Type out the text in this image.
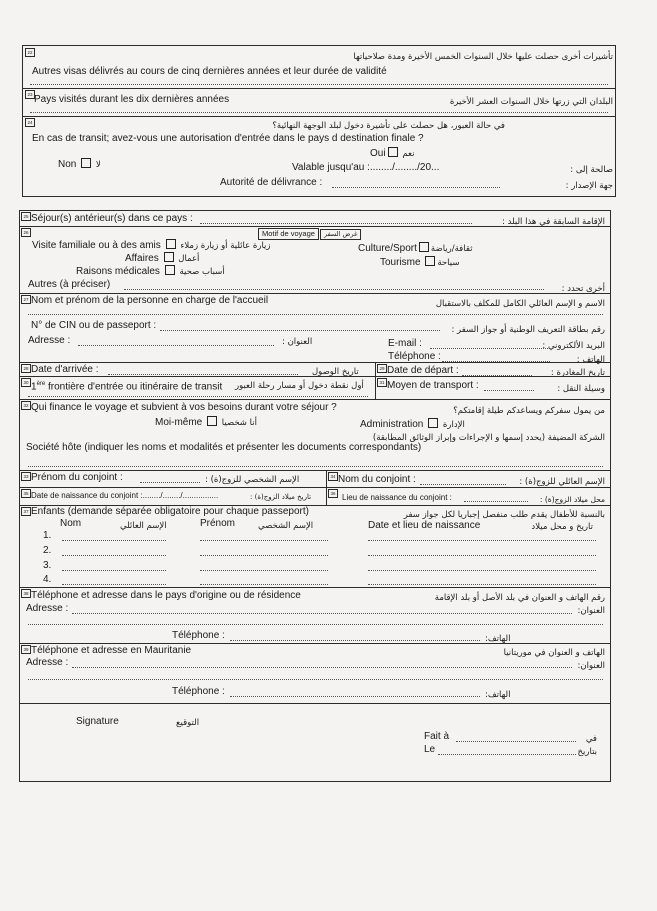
22	تأشيرات أخرى حصلت عليها خلال السنوات الخمس الأخيرة ومدة صلاحياتها
Autres visas délivrés au cours de cinq dernières années et leur durée de validité
23 Pays visités durant les dix dernières années	البلدان التي زرتها خلال السنوات العشر الأخيرة
24	في حالة العبور، هل حصلت على تأشيرة دخول لبلد الوجهة النهائية؟
En cas de transit; avez-vous une autorisation d'entrée dans le pays d destination finale ?
Oui نعم
Non لا	Valable jusqu'au :......../......../20...	صالحة إلى :
Autorité de délivrance :	جهة الإصدار :
25 Séjour(s) antérieur(s) dans ce pays :	الإقامة السابقة في هذا البلد :
26	Motif de voyage	غرض السفر
Visite familiale ou à des amis زيارة عائلية أو زيارة زملاء	Culture/Sport ثقافة/رياضة
Affaires أعمال	Tourisme سياحة
Raisons médicales أسباب صحية
Autres (à préciser)	أخرى تحدد :
27 Nom et prénom de la personne en charge de l'accueil	الاسم و الإسم العائلي الكامل للمكلف بالاستقبال
N° de CIN ou de passeport :	رقم بطاقة التعريف الوطنية أو جواز السفر :
Adresse :	العنوان :	E-mail :	البريد الألكتروني :
Téléphone :	الهاتف :
28 Date d'arrivée :	تاريخ الوصول	29 Date de départ :	تاريخ المغادرة :
30 1ère frontière d'entrée ou itinéraire de transit أول نقطة دخول أو مسار رحلة العبور	31 Moyen de transport :	وسيلة النقل :
32 Qui finance le voyage et subvient à vos besoins durant votre séjour ?	من يمول سفركم ويساعدكم طيلة إقامتكم؟
Moi-même أنا شخصيا	Administration الإدارة
الشركة المضيفة (يحدد إسمها و الإجراءات وإبراز الوثائق المطابقة)
Société hôte (indiquer les noms et modalités et présenter les documents correspondants)
33 Prénom du conjoint :	الإسم الشخصي للزوج(ة) :	34 Nom du conjoint :	الإسم العائلي للزوج(ة) :
35 Date de naissance du conjoint :......../......../................	تاريخ ميلاد الزوج(ة) :	36 Lieu de naissance du conjoint :	محل ميلاد الزوج(ة) :
37 Enfants (demande séparée obligatoire pour chaque passeport)	بالنسبة للأطفال يقدم طلب منفصل إجباريا لكل جواز سفر
Nom	الإسم العائلي	Prénom	الإسم الشخصي	Date et lieu de naissance	تاريخ و محل ميلاد
1.
2.
3.
4.
38 Téléphone et adresse dans le pays d'origine ou de résidence	رقم الهاتف و العنوان في بلد الأصل أو بلد الإقامة
Adresse :	العنوان:
Téléphone :	الهاتف:
39 Téléphone et adresse en Mauritanie	الهاتف و العنوان في موريتانيا
Adresse :	العنوان:
Téléphone :	الهاتف:
Signature	التوقيع
Fait à	في
Le	بتاريخ
